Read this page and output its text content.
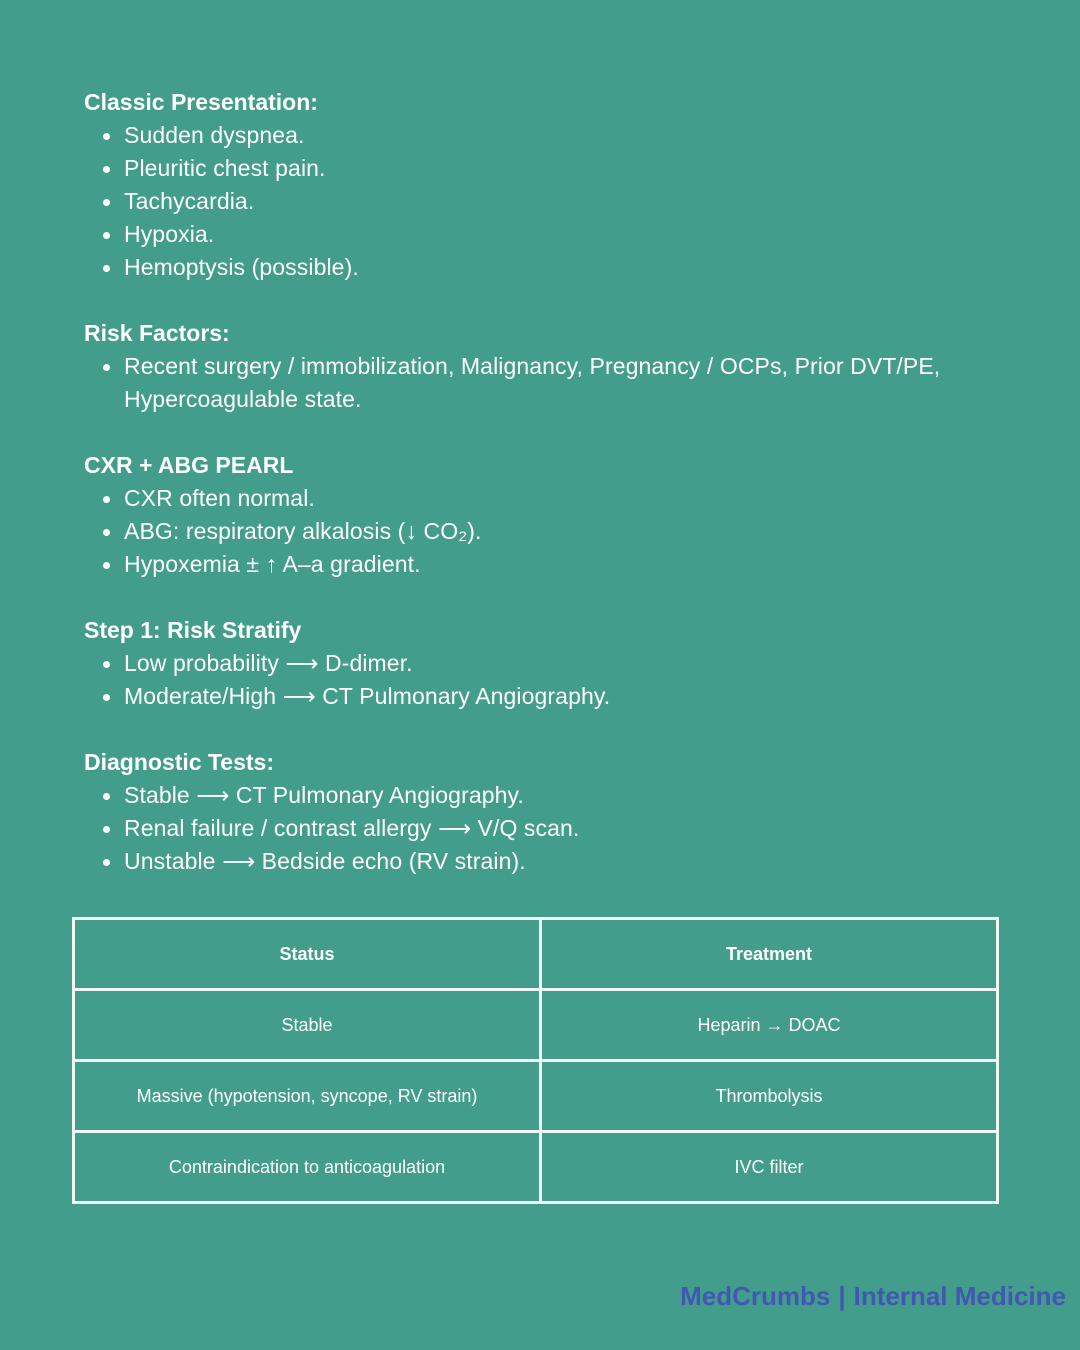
Classic Presentation:

Sudden dyspnea.
Pleuritic chest pain.
Tachycardia.
Hypoxia.
Hemoptysis (possible).

Risk Factors:

Recent surgery / immobilization, Malignancy, Pregnancy / OCPs, Prior DVT/PE, Hypercoagulable state.

CXR + ABG PEARL

CXR often normal.
ABG: respiratory alkalosis (↓ CO₂).
Hypoxemia ± ↑ A–a gradient.

Step 1: Risk Stratify

Low probability ⟶ D-dimer.
Moderate/High ⟶ CT Pulmonary Angiography.

Diagnostic Tests:

Stable ⟶ CT Pulmonary Angiography.
Renal failure / contrast allergy ⟶ V/Q scan.
Unstable ⟶ Bedside echo (RV strain).
Status	Treatment
Stable	Heparin → DOAC
Massive (hypotension, syncope, RV strain)	Thrombolysis
Contraindication to anticoagulation	IVC filter
MedCrumbs | Internal Medicine
